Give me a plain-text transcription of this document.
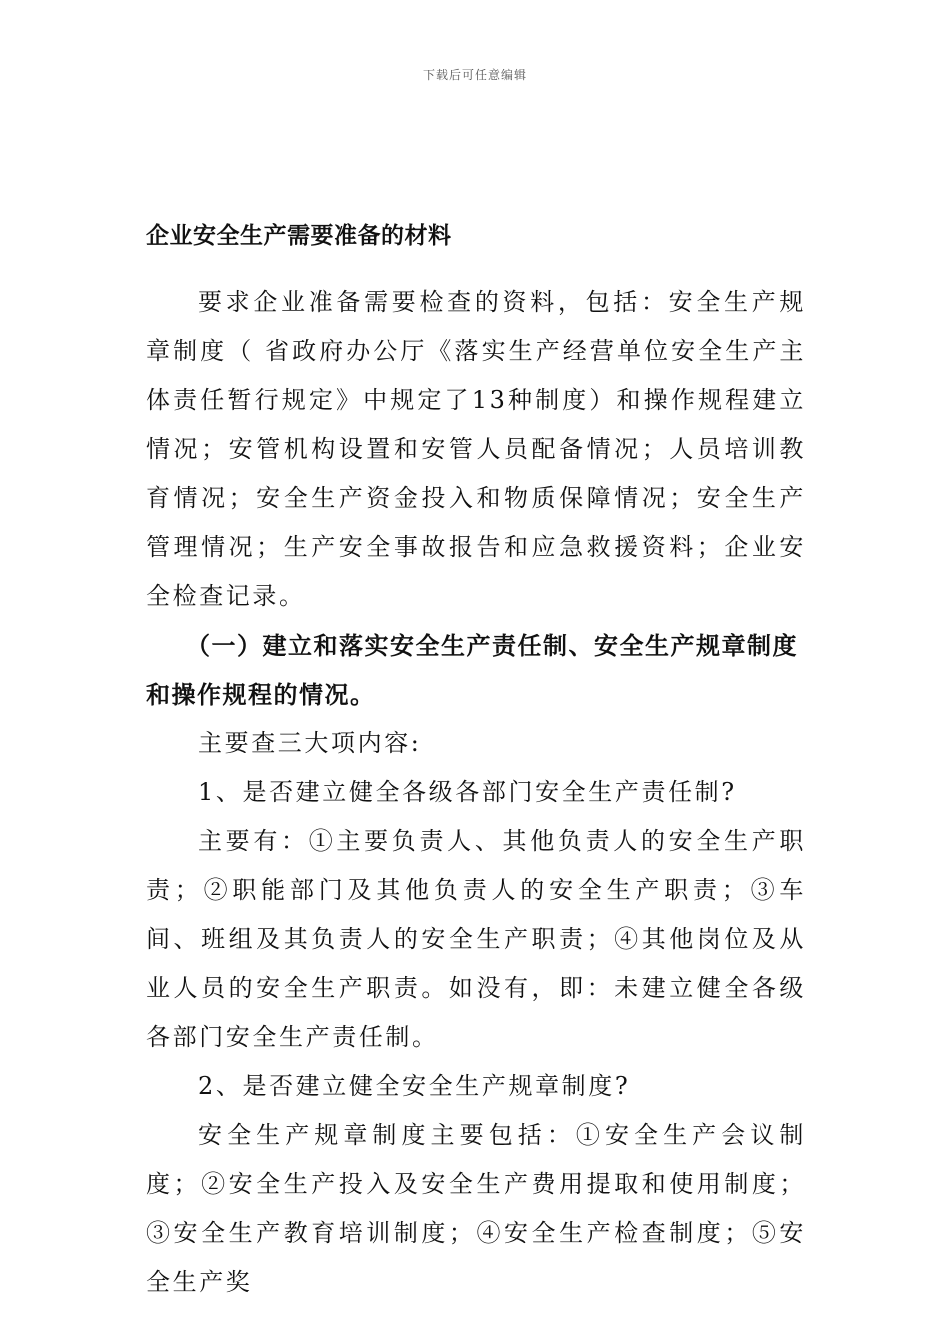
下载后可任意编辑
企业安全生产需要准备的材料

要求企业准备需要检查的资料，包括：安全生产规章制度（ 省政府办公厅《落实生产经营单位安全生产主体责任暂行规定》中规定了13种制度）和操作规程建立情况；安管机构设置和安管人员配备情况；人员培训教育情况；安全生产资金投入和物质保障情况；安全生产管理情况；生产安全事故报告和应急救援资料；企业安全检查记录。

（一）建立和落实安全生产责任制、安全生产规章制度和操作规程的情况。

主要查三大项内容:

1、是否建立健全各级各部门安全生产责任制?

主要有：①主要负责人、其他负责人的安全生产职责；②职能部门及其他负责人的安全生产职责；③车间、班组及其负责人的安全生产职责；④其他岗位及从业人员的安全生产职责。如没有，即：未建立健全各级各部门安全生产责任制。

2、是否建立健全安全生产规章制度?

安全生产规章制度主要包括：①安全生产会议制度；②安全生产投入及安全生产费用提取和使用制度；③安全生产教育培训制度；④安全生产检查制度；⑤安全生产奖
